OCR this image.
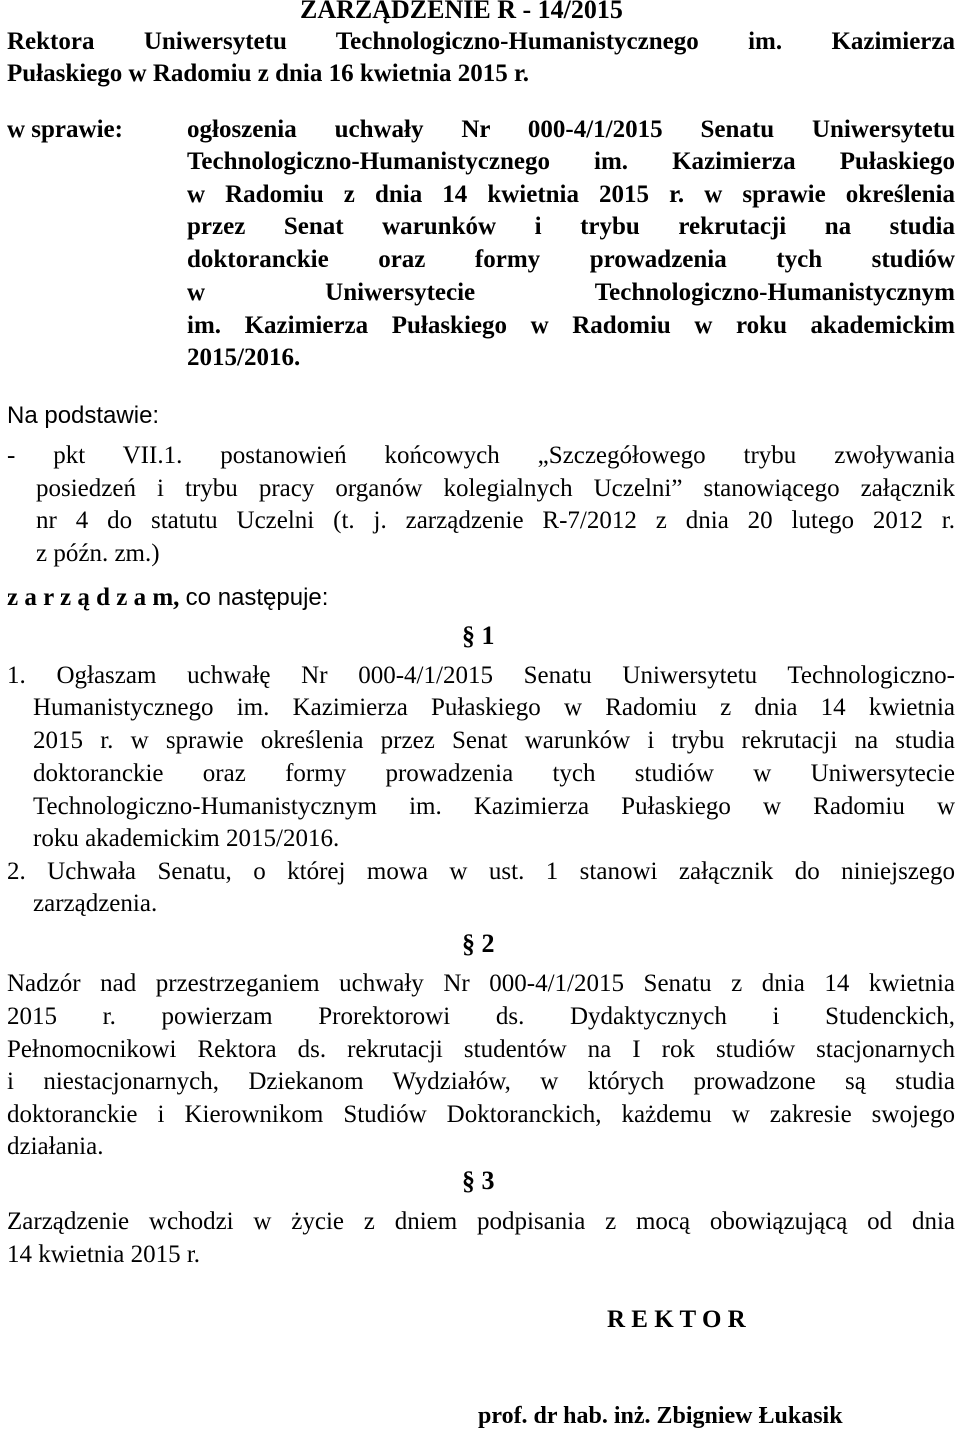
ZARZĄDZENIE R - 14/2015
Rektora Uniwersytetu Technologiczno-Humanistycznego im. Kazimierza
Pułaskiego w Radomiu z dnia 16 kwietnia 2015 r.
w sprawie:	ogłoszenia uchwały Nr 000-4/1/2015 Senatu Uniwersytetu
Technologiczno-Humanistycznego im. Kazimierza Pułaskiego
w Radomiu z dnia 14 kwietnia 2015 r. w sprawie określenia
przez Senat warunków i trybu rekrutacji na studia
doktoranckie oraz formy prowadzenia tych studiów
w Uniwersytecie Technologiczno-Humanistycznym
im. Kazimierza Pułaskiego w Radomiu w roku akademickim
2015/2016.
Na podstawie:
- pkt VII.1. postanowień końcowych „Szczegółowego trybu zwoływania
posiedzeń i trybu pracy organów kolegialnych Uczelni” stanowiącego załącznik
nr 4 do statutu Uczelni (t. j. zarządzenie R-7/2012 z dnia 20 lutego 2012 r.
z późn. zm.)
z a r z ą d z a m, co następuje:
§ 1
1. Ogłaszam uchwałę Nr 000-4/1/2015 Senatu Uniwersytetu Technologiczno-
Humanistycznego im. Kazimierza Pułaskiego w Radomiu z dnia 14 kwietnia
2015 r. w sprawie określenia przez Senat warunków i trybu rekrutacji na studia
doktoranckie oraz formy prowadzenia tych studiów w Uniwersytecie
Technologiczno-Humanistycznym im. Kazimierza Pułaskiego w Radomiu w
roku akademickim 2015/2016.
2. Uchwała Senatu, o której mowa w ust. 1 stanowi załącznik do niniejszego
zarządzenia.
§ 2
Nadzór nad przestrzeganiem uchwały Nr 000-4/1/2015 Senatu z dnia 14 kwietnia
2015 r. powierzam Prorektorowi ds. Dydaktycznych i Studenckich,
Pełnomocnikowi Rektora ds. rekrutacji studentów na I rok studiów stacjonarnych
i niestacjonarnych, Dziekanom Wydziałów, w których prowadzone są studia
doktoranckie i Kierownikom Studiów Doktoranckich, każdemu w zakresie swojego
działania.
§ 3
Zarządzenie wchodzi w życie z dniem podpisania z mocą obowiązującą od dnia
14 kwietnia 2015 r.
R E K T O R
prof. dr hab. inż. Zbigniew Łukasik
